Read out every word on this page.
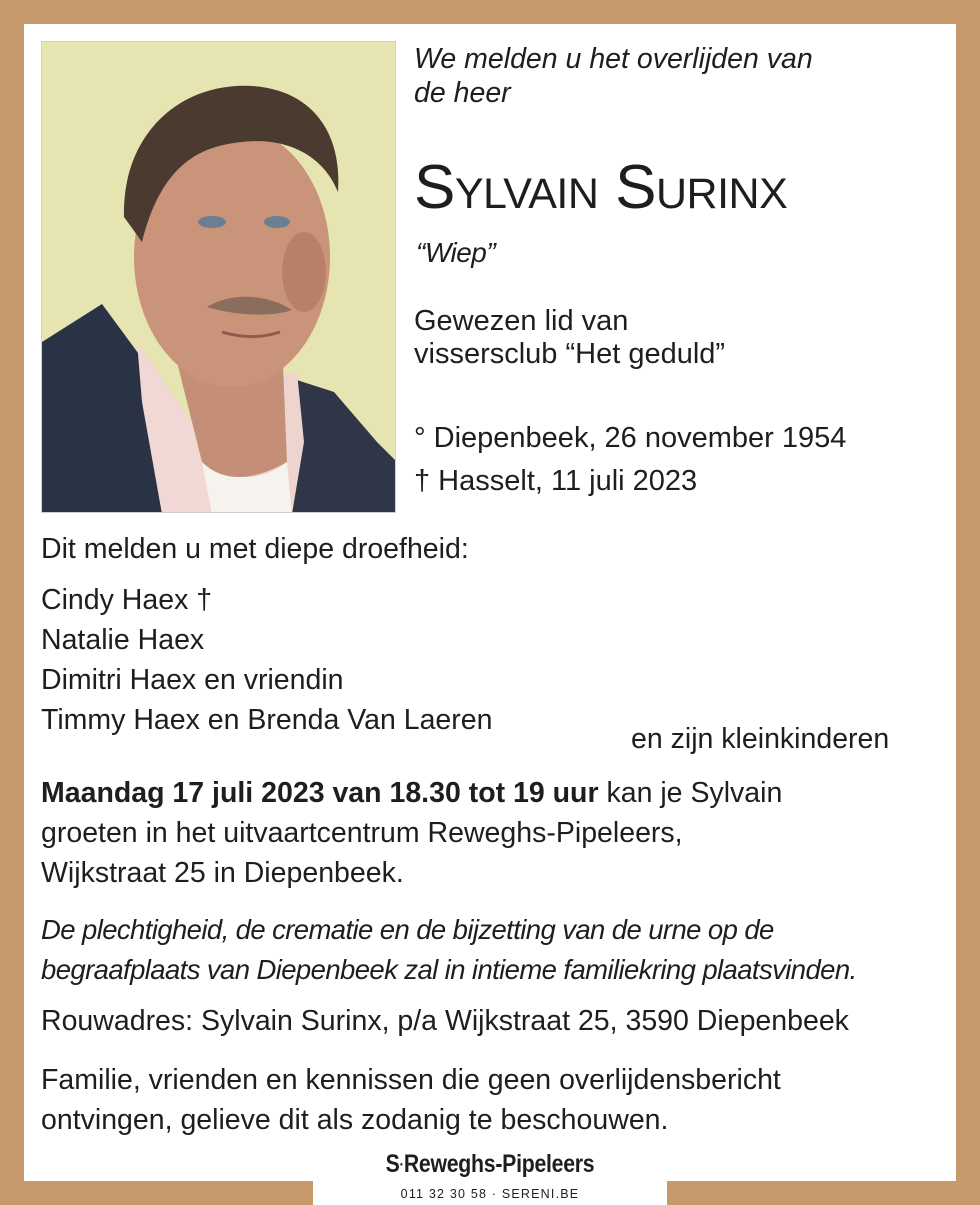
We melden u het overlijden van
de heer
Sylvain Surinx
“Wiep”
Gewezen lid van
vissersclub “Het geduld”
° Diepenbeek, 26 november 1954
† Hasselt, 11 juli 2023
Dit melden u met diepe droefheid:
Cindy Haex †
Natalie Haex
Dimitri Haex en vriendin
Timmy Haex en Brenda Van Laeren
en zijn kleinkinderen
Maandag 17 juli 2023 van 18.30 tot 19 uur kan je Sylvain
groeten in het uitvaartcentrum Reweghs-Pipeleers,
Wijkstraat 25 in Diepenbeek.
De plechtigheid, de crematie en de bijzetting van de urne op de
begraafplaats van Diepenbeek zal in intieme familiekring plaatsvinden.
Rouwadres: Sylvain Surinx, p/a Wijkstraat 25, 3590 Diepenbeek
Familie, vrienden en kennissen die geen overlijdensbericht
ontvingen, gelieve dit als zodanig te beschouwen.
S·Reweghs-Pipeleers
011 32 30 58 · SERENI.BE
